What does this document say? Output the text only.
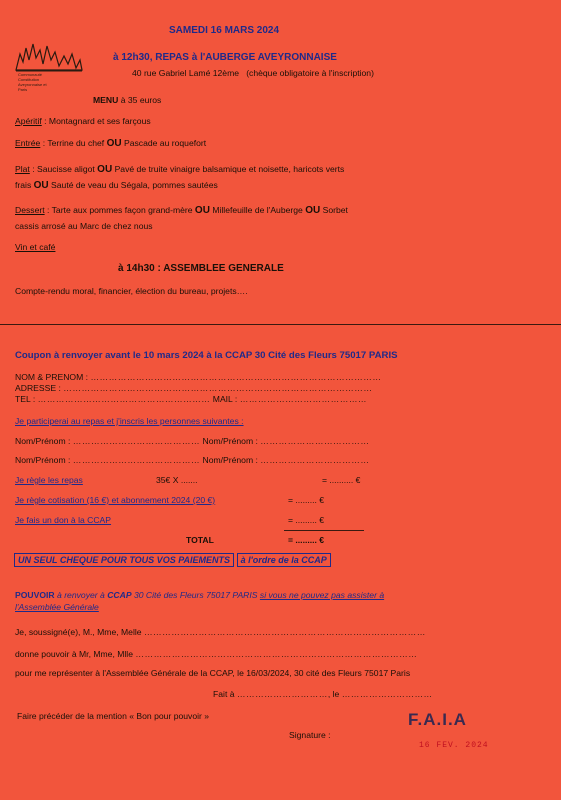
Communauté
Constitution
Aveyronnaise et
Paris
SAMEDI 16 MARS 2024
à 12h30, REPAS à l'AUBERGE AVEYRONNAISE
40 rue Gabriel Lamé 12ème (chèque obligatoire à l'inscription)
MENU à 35 euros
Apéritif : Montagnard et ses farçous
Entrée : Terrine du chef OU Pascade au roquefort
Plat : Saucisse aligot OU Pavé de truite vinaigre balsamique et noisette, haricots verts
frais OU Sauté de veau du Ségala, pommes sautées
Dessert : Tarte aux pommes façon grand-mère OU Millefeuille de l'Auberge OU Sorbet
cassis arrosé au Marc de chez nous
Vin et café
à 14h30 : ASSEMBLEE GENERALE
Compte-rendu moral, financier, élection du bureau, projets….
Coupon à renvoyer avant le 10 mars 2024 à la CCAP 30 Cité des Fleurs 75017 PARIS
NOM & PRENOM : ……………………………………………………………………………………
ADRESSE : …………………………………………………………………………………………
TEL : ………………………………………………… MAIL : ……………………………………
Je participerai au repas et j'inscris les personnes suivantes :
Nom/Prénom : …………………………………… Nom/Prénom : ………………………………
Nom/Prénom : …………………………………… Nom/Prénom : ………………………………
Je règle les repas	35€ X .......	= .......... €
Je règle cotisation (16 €) et abonnement 2024 (20 €)	= ......... €
Je fais un don à la CCAP	= ......... €
TOTAL	= ......... €
UN SEUL CHEQUE POUR TOUS VOS PAIEMENTS à l'ordre de la CCAP
POUVOIR à renvoyer à CCAP 30 Cité des Fleurs 75017 PARIS si vous ne pouvez pas assister à
l'Assemblée Générale
Je, soussigné(e), M., Mme, Melle …………………………………………………………………………………
donne pouvoir à Mr, Mme, Mlle …………………………………………………………………………………
pour me représenter à l'Assemblée Générale de la CCAP, le 16/03/2024, 30 cité des Fleurs 75017 Paris
Fait à …………………………, le …………………………
Faire précéder de la mention « Bon pour pouvoir »
Signature :
F.A.I.A
16 FEV. 2024
